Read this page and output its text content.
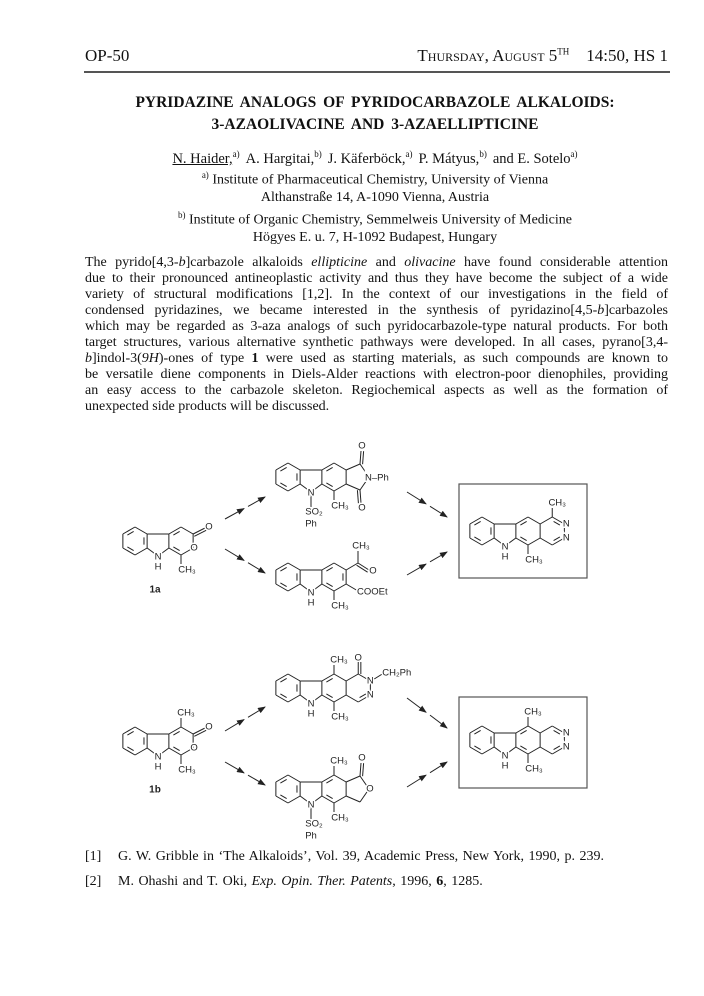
OP-50	Thursday, August 5TH 14:50, HS 1
PYRIDAZINE ANALOGS OF PYRIDOCARBAZOLE ALKALOIDS:
3-AZAOLIVACINE AND 3-AZAELLIPTICINE
N. Haider,$^{a)}$ A. Hargitai,$^{b)}$ J. Käferböck,$^{a)}$ P. Mátyus,$^{b)}$ and E. Sotelo$^{a)}$
$^{a)}$ Institute of Pharmaceutical Chemistry, University of Vienna
Althanstraße 14, A-1090 Vienna, Austria
$^{b)}$ Institute of Organic Chemistry, Semmelweis University of Medicine
Högyes E. u. 7, H-1092 Budapest, Hungary
The pyrido[4,3-b]carbazole alkaloids ellipticine and olivacine have found considerable attention
due to their pronounced antineoplastic activity and thus they have become the subject of a wide
variety of structural modifications [1,2]. In the context of our investigations in the field of
condensed pyridazines, we became interested in the synthesis of pyridazino[4,5-b]carbazoles
which may be regarded as 3-aza analogs of such pyridocarbazole-type natural products. For both
target structures, various alternative synthetic pathways were developed. In all cases, pyrano[3,4-
b]indol-3(9H)-ones of type 1 were used as starting materials, as such compounds are known to
be versatile diene components in Diels-Alder reactions with electron-poor dienophiles, providing
an easy access to the carbazole skeleton. Regiochemical aspects as well as the formation of
unexpected side products will be discussed.
N
H
O
O
CH₃
1a
N
H
O
O
CH₃
CH₃
1b
N
SO₂
Ph
O
O
N–Ph
CH₃
N
H
CH₃
O
COOEt
CH₃
N
H
N
N
O
CH₂Ph
CH₃
CH₃
N
SO₂
Ph
O
O
CH₃
CH₃
N
H
N
N
CH₃
CH₃
N
H
N
N
CH₃
CH₃
[1] G. W. Gribble in ‘The Alkaloids’, Vol. 39, Academic Press, New York, 1990, p. 239.
[2] M. Ohashi and T. Oki, Exp. Opin. Ther. Patents, 1996, 6, 1285.
